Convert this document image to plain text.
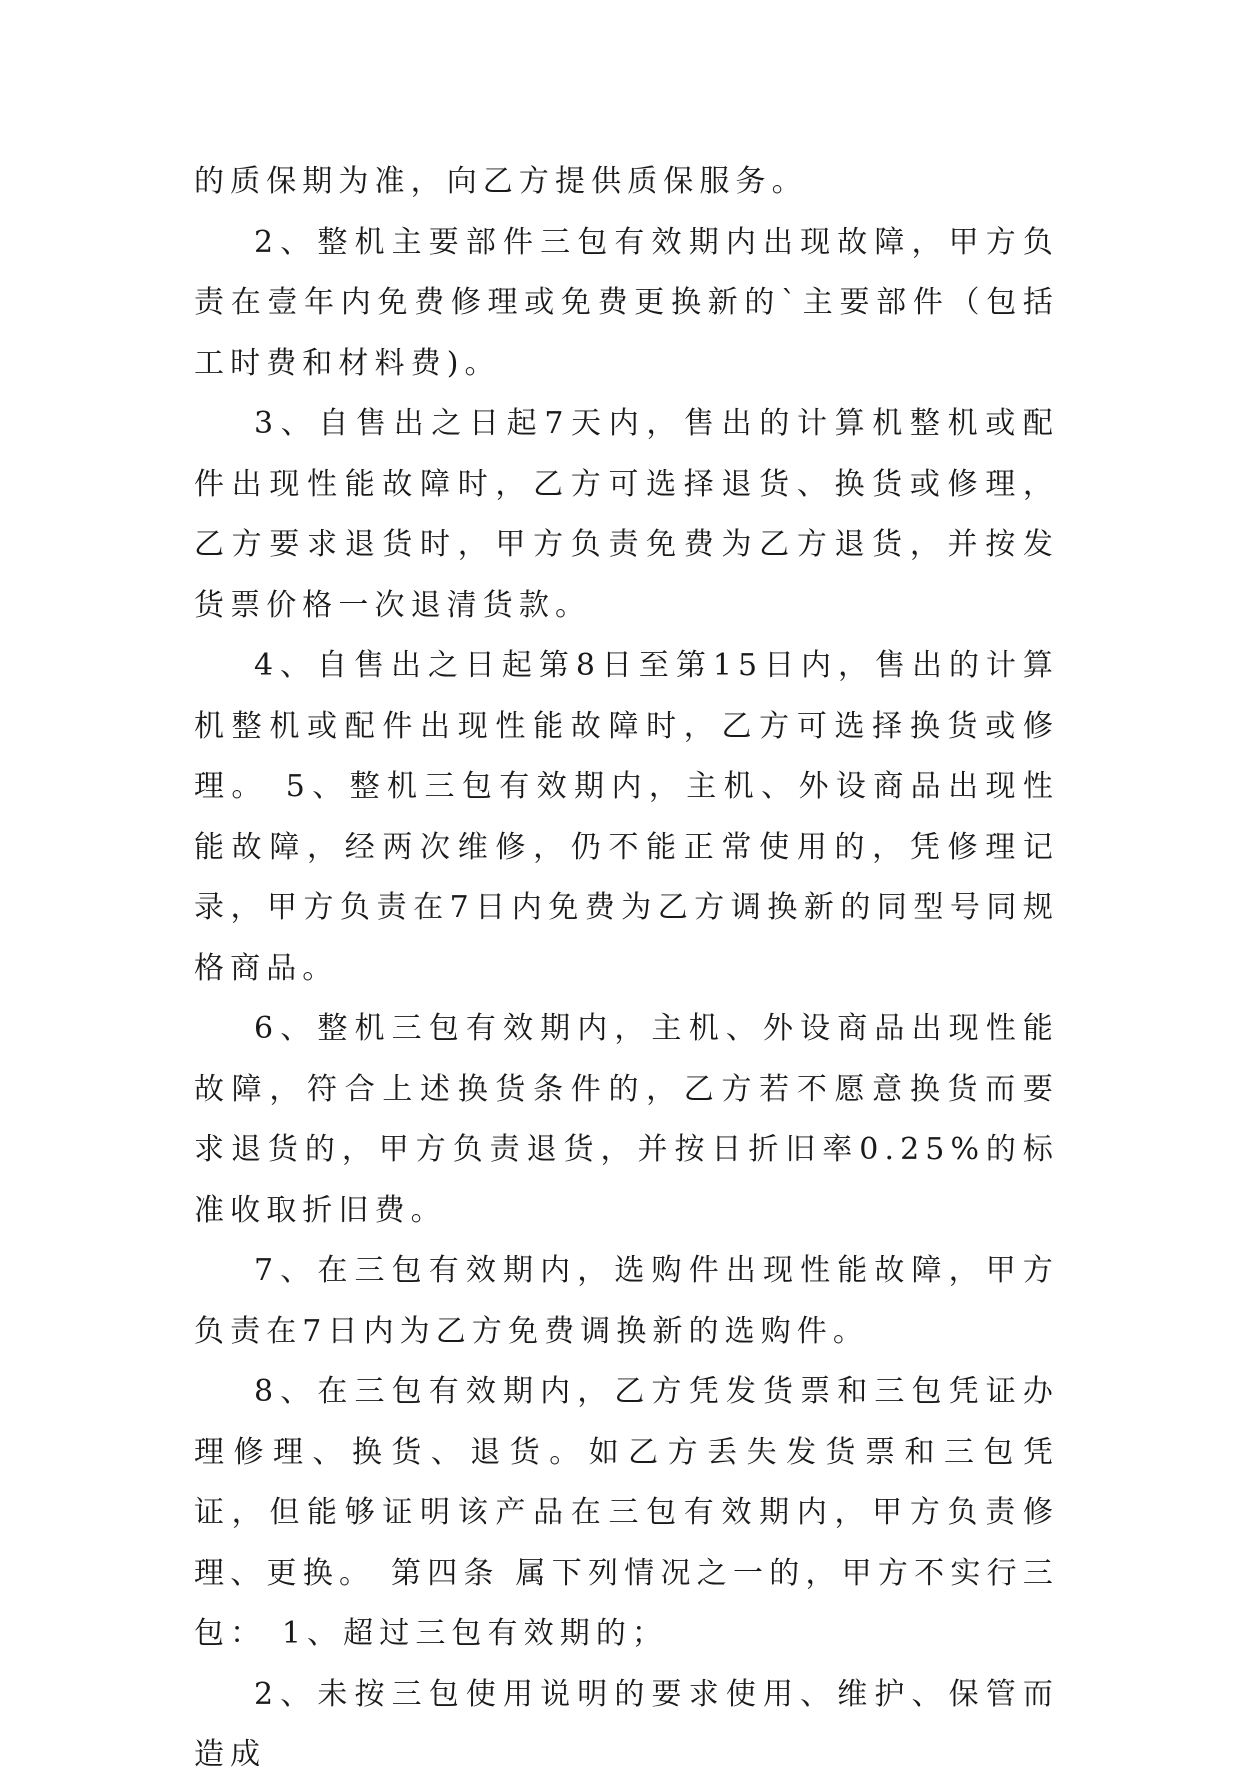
的质保期为准，向乙方提供质保服务。

2、整机主要部件三包有效期内出现故障，甲方负责在壹年内免费修理或免费更换新的`主要部件（包括工时费和材料费)。

3、自售出之日起7天内，售出的计算机整机或配件出现性能故障时，乙方可选择退货、换货或修理，乙方要求退货时，甲方负责免费为乙方退货，并按发货票价格一次退清货款。

4、自售出之日起第8日至第15日内，售出的计算机整机或配件出现性能故障时，乙方可选择换货或修理。 5、整机三包有效期内，主机、外设商品出现性能故障，经两次维修，仍不能正常使用的，凭修理记录，甲方负责在7日内免费为乙方调换新的同型号同规格商品。

6、整机三包有效期内，主机、外设商品出现性能故障，符合上述换货条件的，乙方若不愿意换货而要求退货的，甲方负责退货，并按日折旧率0.25%的标准收取折旧费。

7、在三包有效期内，选购件出现性能故障，甲方负责在7日内为乙方免费调换新的选购件。

8、在三包有效期内，乙方凭发货票和三包凭证办理修理、换货、退货。如乙方丢失发货票和三包凭证，但能够证明该产品在三包有效期内，甲方负责修理、更换。 第四条 属下列情况之一的，甲方不实行三包： 1、超过三包有效期的；

2、未按三包使用说明的要求使用、维护、保管而造成
